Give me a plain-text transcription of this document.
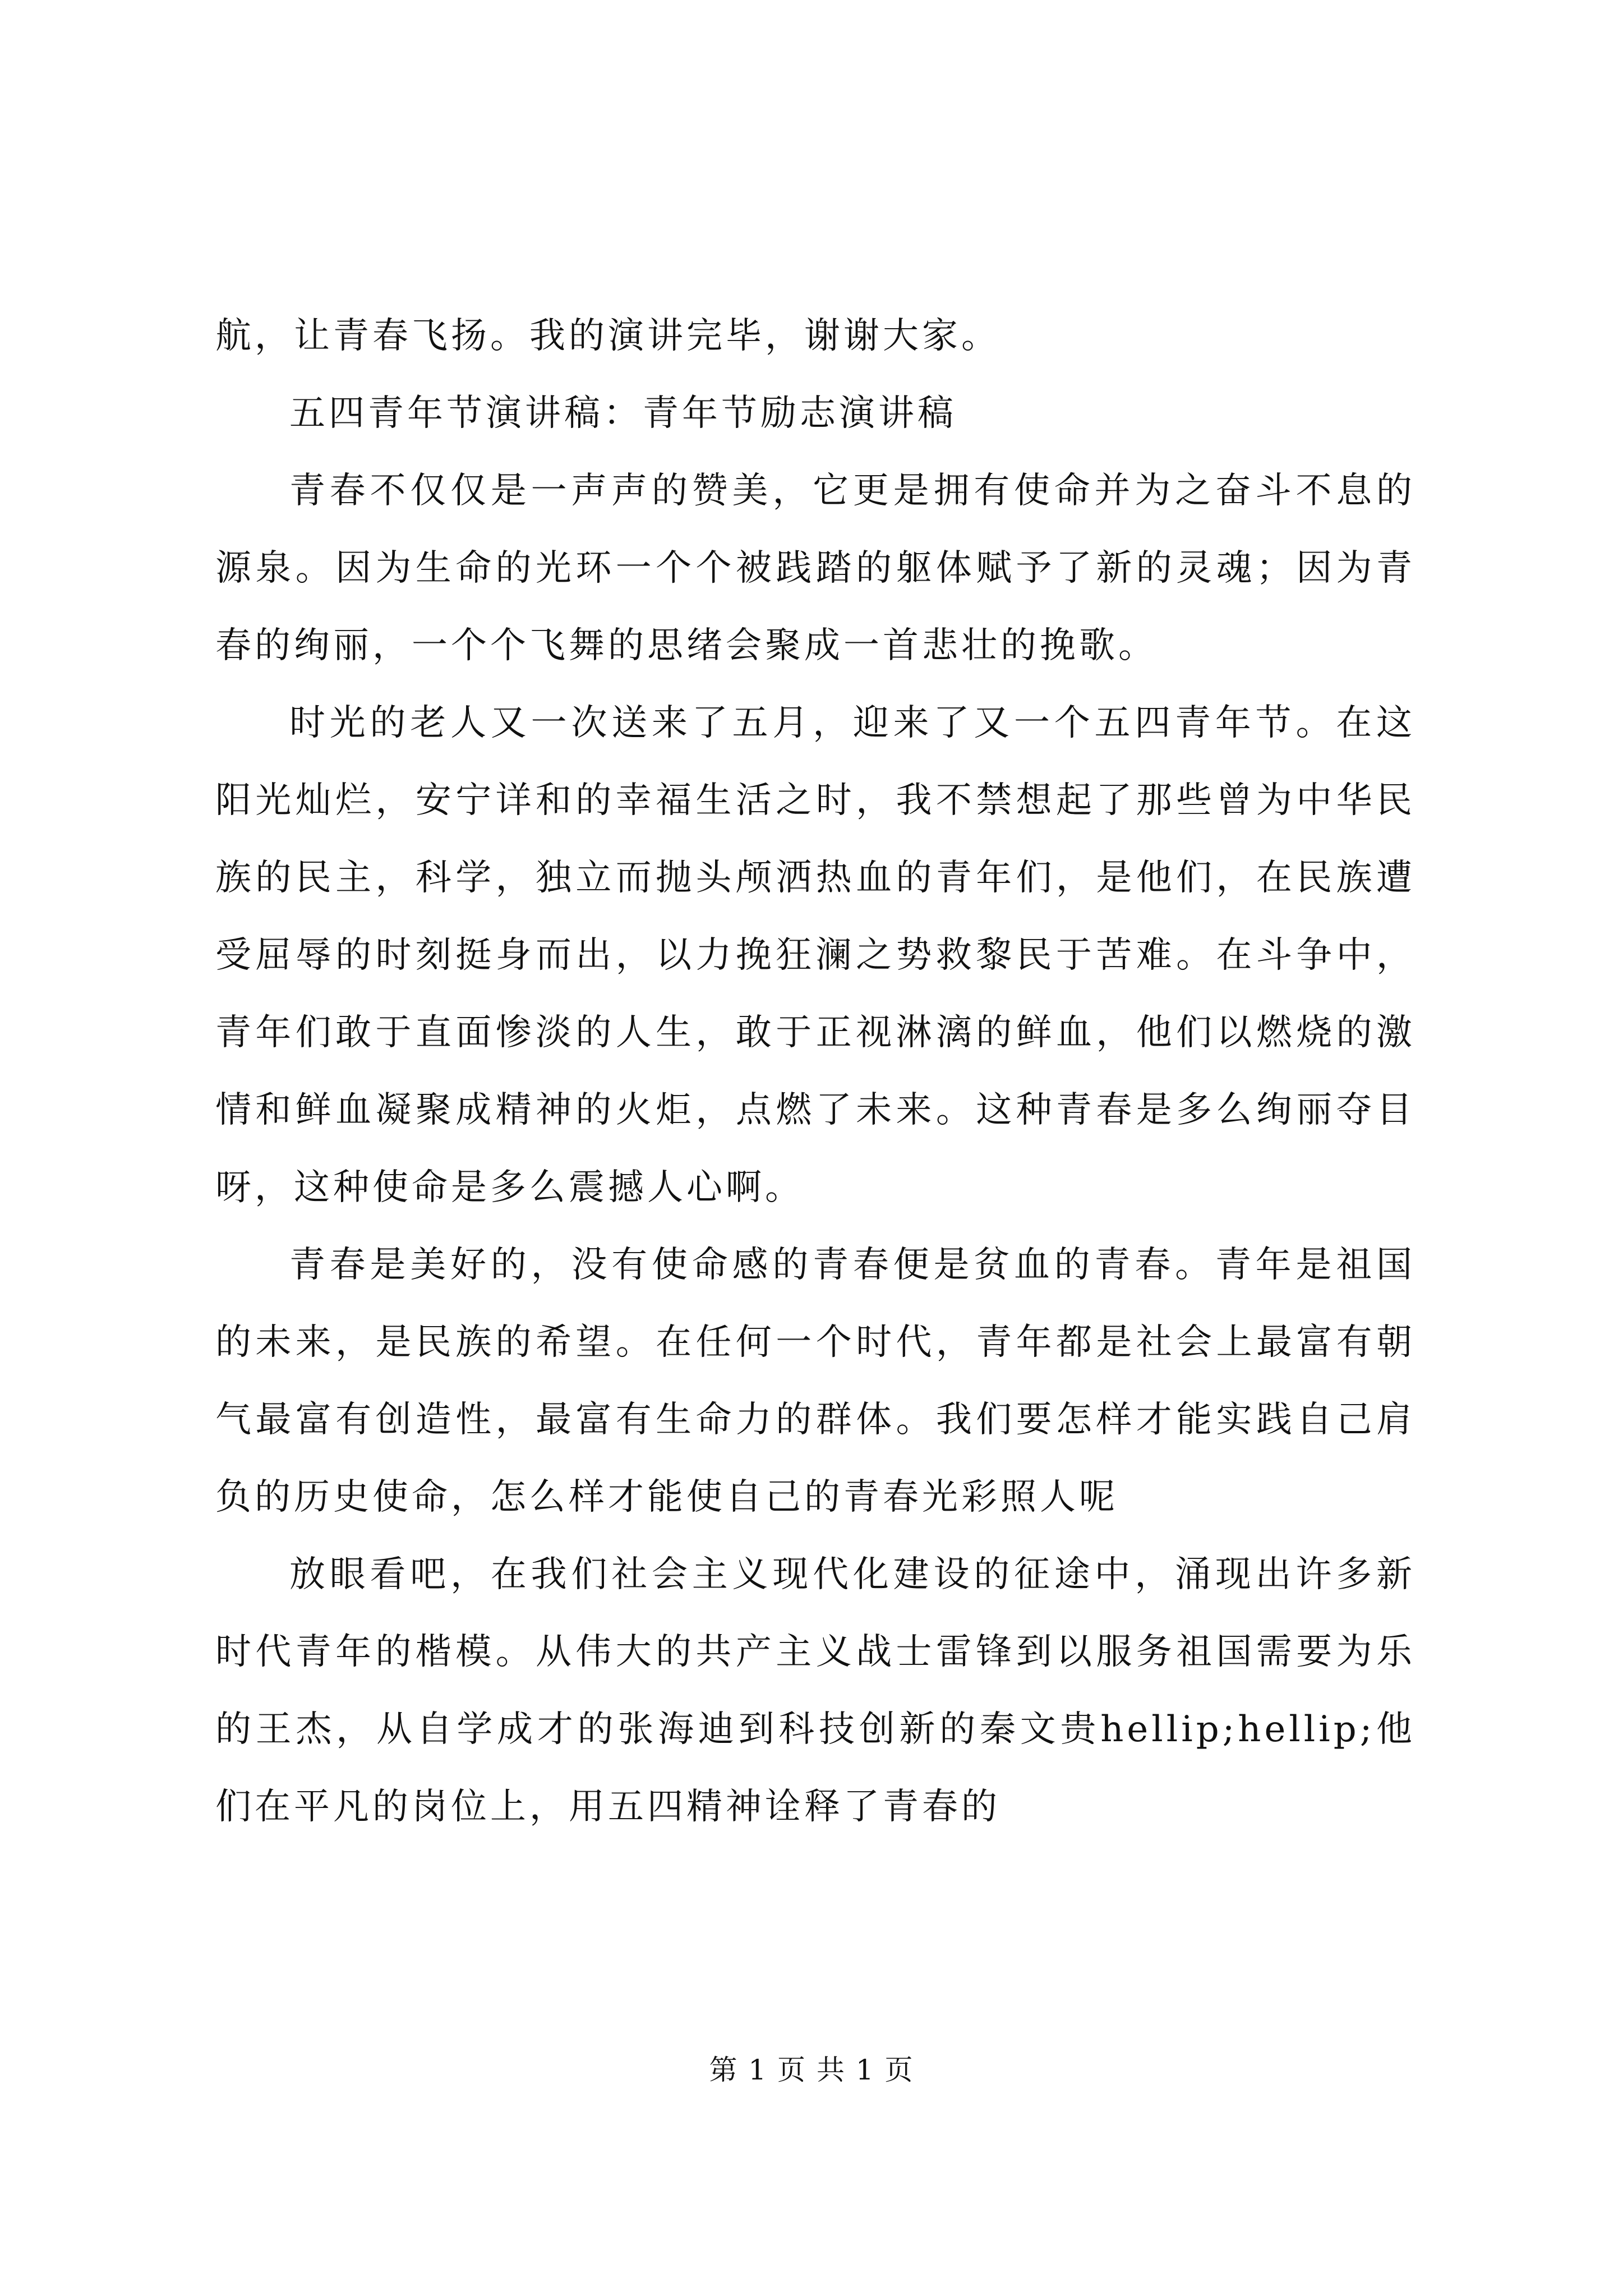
航，让青春飞扬。我的演讲完毕，谢谢大家。

五四青年节演讲稿：青年节励志演讲稿

青春不仅仅是一声声的赞美，它更是拥有使命并为之奋斗不息的源泉。因为生命的光环一个个被践踏的躯体赋予了新的灵魂；因为青春的绚丽，一个个飞舞的思绪会聚成一首悲壮的挽歌。

时光的老人又一次送来了五月，迎来了又一个五四青年节。在这阳光灿烂，安宁详和的幸福生活之时，我不禁想起了那些曾为中华民族的民主，科学，独立而抛头颅洒热血的青年们，是他们，在民族遭受屈辱的时刻挺身而出，以力挽狂澜之势救黎民于苦难。在斗争中，青年们敢于直面惨淡的人生，敢于正视淋漓的鲜血，他们以燃烧的激情和鲜血凝聚成精神的火炬，点燃了未来。这种青春是多么绚丽夺目呀，这种使命是多么震撼人心啊。

青春是美好的，没有使命感的青春便是贫血的青春。青年是祖国的未来，是民族的希望。在任何一个时代，青年都是社会上最富有朝气最富有创造性，最富有生命力的群体。我们要怎样才能实践自己肩负的历史使命，怎么样才能使自己的青春光彩照人呢

放眼看吧，在我们社会主义现代化建设的征途中，涌现出许多新时代青年的楷模。从伟大的共产主义战士雷锋到以服务祖国需要为乐的王杰，从自学成才的张海迪到科技创新的秦文贵hellip;hellip;他们在平凡的岗位上，用五四精神诠释了青春的

第 1 页 共 1 页
